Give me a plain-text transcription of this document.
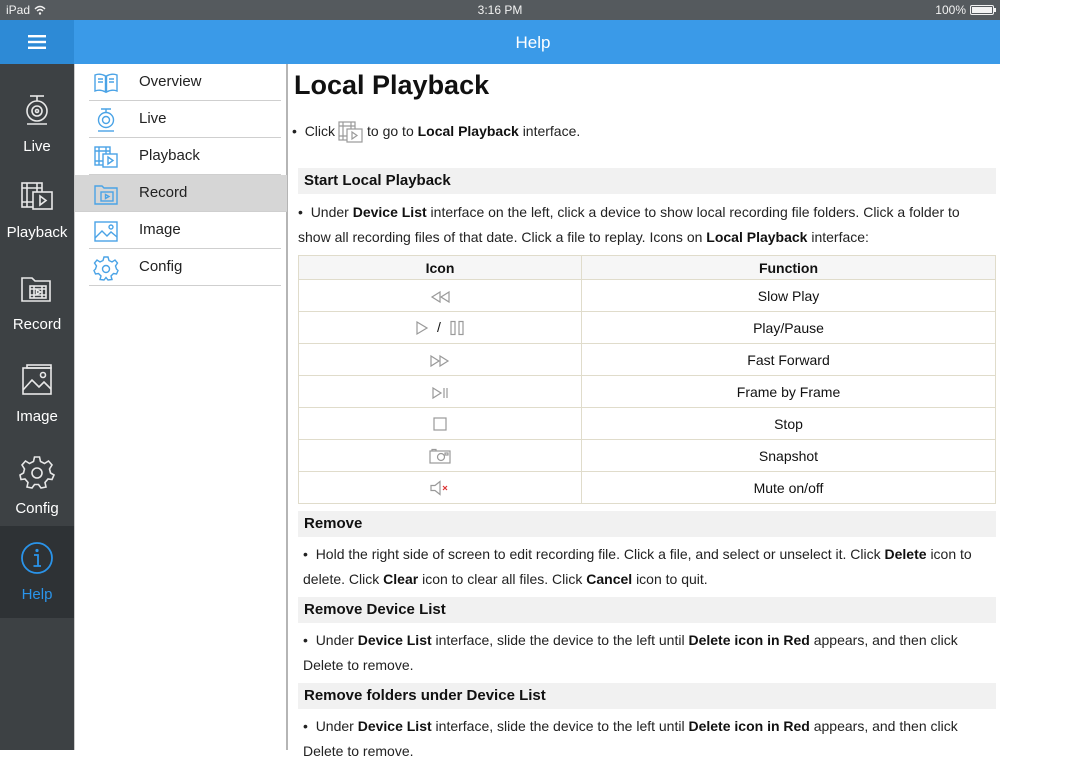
iPad	3:16 PM	100%
Help
Live
Playback
Record
Image
Config
Help
Overview
Live
Playback
Record
Image
Config
Local Playback
•  Click to go to Local Playback interface.
Start Local Playback
•  Under Device List interface on the left, click a device to show local recording file folders. Click a folder to show all recording files of that date. Click a file to replay. Icons on Local Playback interface:
Icon	Function
	Slow Play
/	Play/Pause
	Fast Forward
	Frame by Frame
	Stop
	Snapshot
	Mute on/off
Remove
•  Hold the right side of screen to edit recording file. Click a file, and select or unselect it. Click Delete icon to delete. Click Clear icon to clear all files. Click Cancel icon to quit.
Remove Device List
•  Under Device List interface, slide the device to the left until Delete icon in Red appears, and then click Delete to remove.
Remove folders under Device List
•  Under Device List interface, slide the device to the left until Delete icon in Red appears, and then click Delete to remove.
